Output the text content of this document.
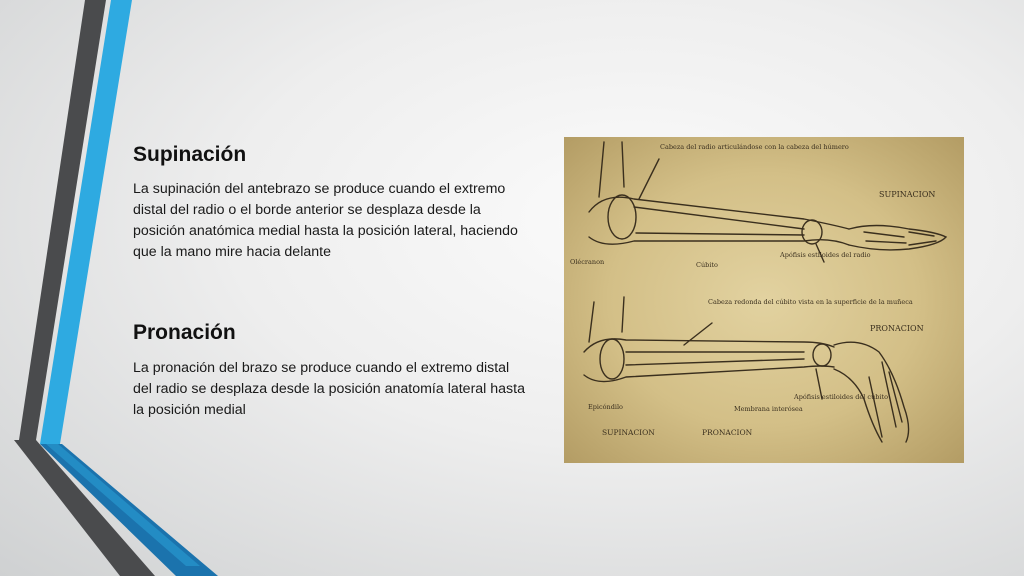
Supinación

La supinación del antebrazo se produce cuando el extremo distal del radio o el borde anterior se desplaza desde la posición anatómica medial hasta la posición lateral, haciendo que la mano mire hacia delante

Pronación

La pronación del brazo se produce cuando el extremo distal del radio se desplaza desde la posición anatomía lateral hasta la posición medial

SUPINACION
Cabeza del radio articulándose con la cabeza del húmero
Olécranon	Cúbito
Apófisis estiloides del radio
PRONACION
Cabeza redonda del cúbito vista en la superficie de la muñeca
Epicóndilo	Membrana interósea
Apófisis estiloides del cúbito
SUPINACION	PRONACION
